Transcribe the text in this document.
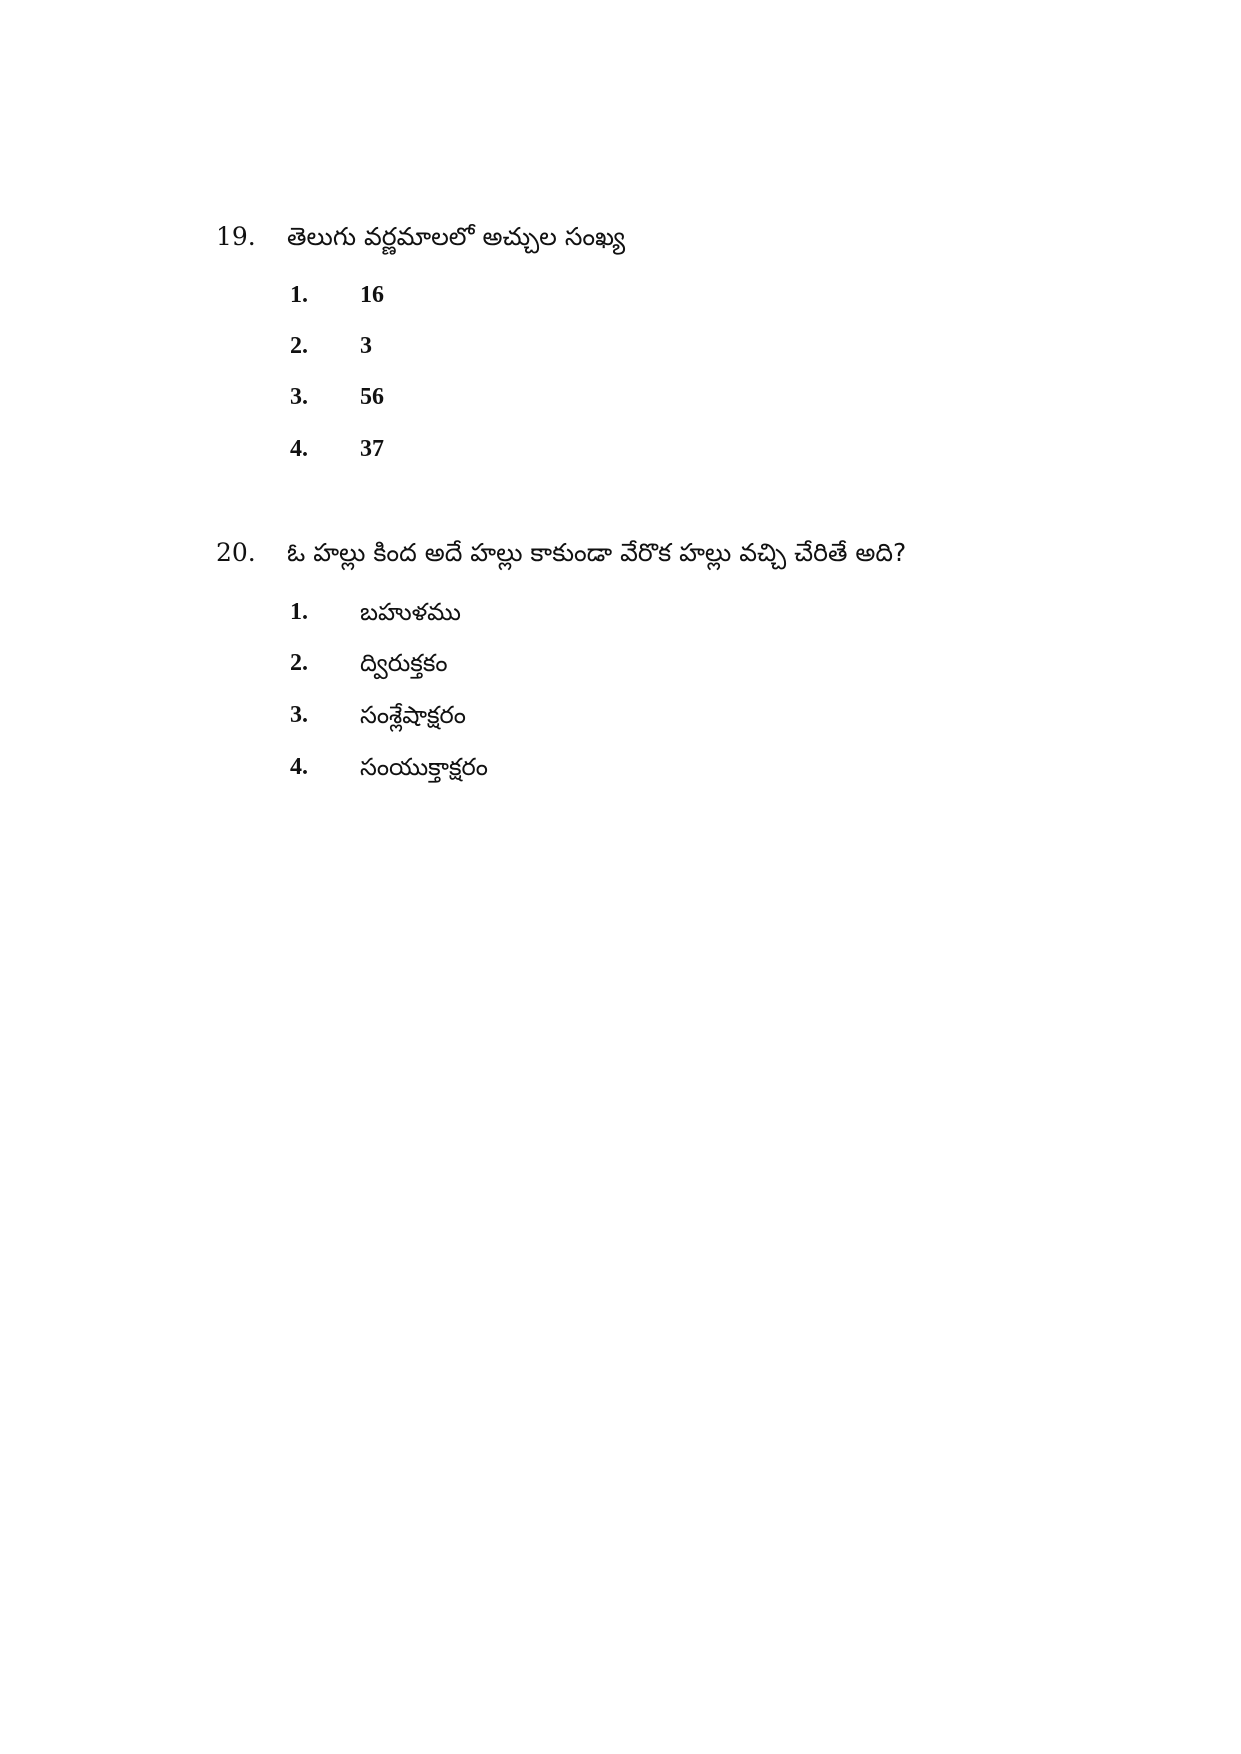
19. తెలుగు వర్ణమాలలో అచ్చుల సంఖ్య
1. 16
2. 3
3. 56
4. 37
20. ఓ హల్లు కింద అదే హల్లు కాకుండా వేరొక హల్లు వచ్చి చేరితే అది?
1. బహుళము
2. ద్విరుక్తకం
3. సంశ్లేషాక్షరం
4. సంయుక్తాక్షరం
